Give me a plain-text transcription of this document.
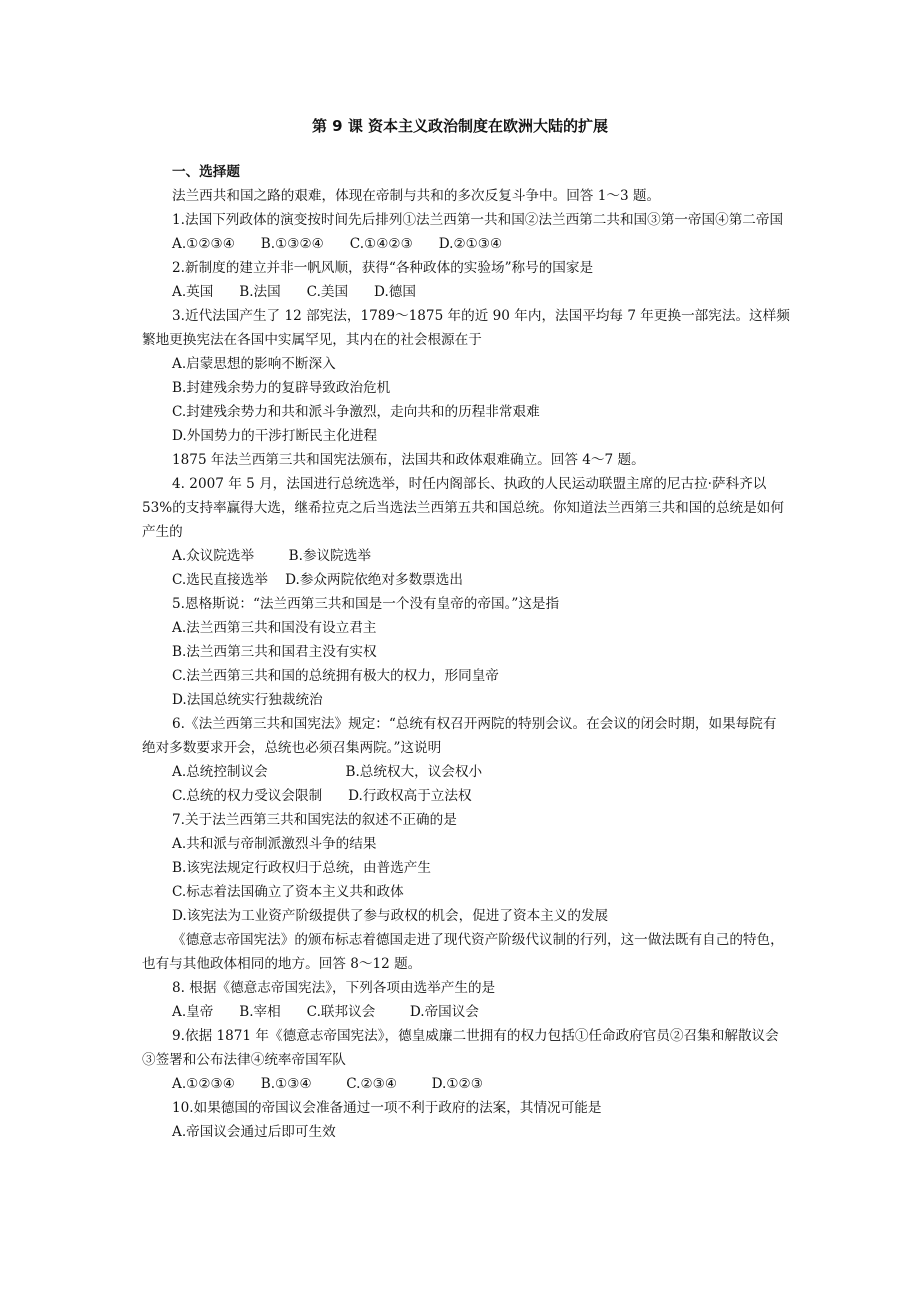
第 9 课 资本主义政治制度在欧洲大陆的扩展

一、选择题

法兰西共和国之路的艰难，体现在帝制与共和的多次反复斗争中。回答 1～3 题。

1.法国下列政体的演变按时间先后排列①法兰西第一共和国②法兰西第二共和国③第一帝国④第二帝国

A.①②③④      B.①③②④      C.①④②③      D.②①③④

2.新制度的建立并非一帆风顺，获得“各种政体的实验场”称号的国家是

A.英国      B.法国      C.美国      D.德国

3.近代法国产生了 12 部宪法，1789～1875 年的近 90 年内，法国平均每 7 年更换一部宪法。这样频繁地更换宪法在各国中实属罕见，其内在的社会根源在于

A.启蒙思想的影响不断深入

B.封建残余势力的复辟导致政治危机

C.封建残余势力和共和派斗争激烈，走向共和的历程非常艰难

D.外国势力的干涉打断民主化进程

1875 年法兰西第三共和国宪法颁布，法国共和政体艰难确立。回答 4～7 题。

4. 2007 年 5 月，法国进行总统选举，时任内阁部长、执政的人民运动联盟主席的尼古拉·萨科齐以 53%的支持率赢得大选，继希拉克之后当选法兰西第五共和国总统。你知道法兰西第三共和国的总统是如何产生的

A.众议院选举        B.参议院选举

C.选民直接选举    D.参众两院依绝对多数票选出

5.恩格斯说：“法兰西第三共和国是一个没有皇帝的帝国。”这是指

A.法兰西第三共和国没有设立君主

B.法兰西第三共和国君主没有实权

C.法兰西第三共和国的总统拥有极大的权力，形同皇帝

D.法国总统实行独裁统治

6.《法兰西第三共和国宪法》规定：“总统有权召开两院的特别会议。在会议的闭会时期，如果每院有绝对多数要求开会，总统也必须召集两院。”这说明

A.总统控制议会                  B.总统权大，议会权小

C.总统的权力受议会限制      D.行政权高于立法权

7.关于法兰西第三共和国宪法的叙述不正确的是

A.共和派与帝制派激烈斗争的结果

B.该宪法规定行政权归于总统，由普选产生

C.标志着法国确立了资本主义共和政体

D.该宪法为工业资产阶级提供了参与政权的机会，促进了资本主义的发展

《德意志帝国宪法》的颁布标志着德国走进了现代资产阶级代议制的行列，这一做法既有自己的特色，也有与其他政体相同的地方。回答 8～12 题。

8. 根据《德意志帝国宪法》，下列各项由选举产生的是

A.皇帝      B.宰相      C.联邦议会        D.帝国议会

9.依据 1871 年《德意志帝国宪法》，德皇威廉二世拥有的权力包括①任命政府官员②召集和解散议会③签署和公布法律④统率帝国军队

A.①②③④      B.①③④        C.②③④        D.①②③

10.如果德国的帝国议会准备通过一项不利于政府的法案，其情况可能是

A.帝国议会通过后即可生效
